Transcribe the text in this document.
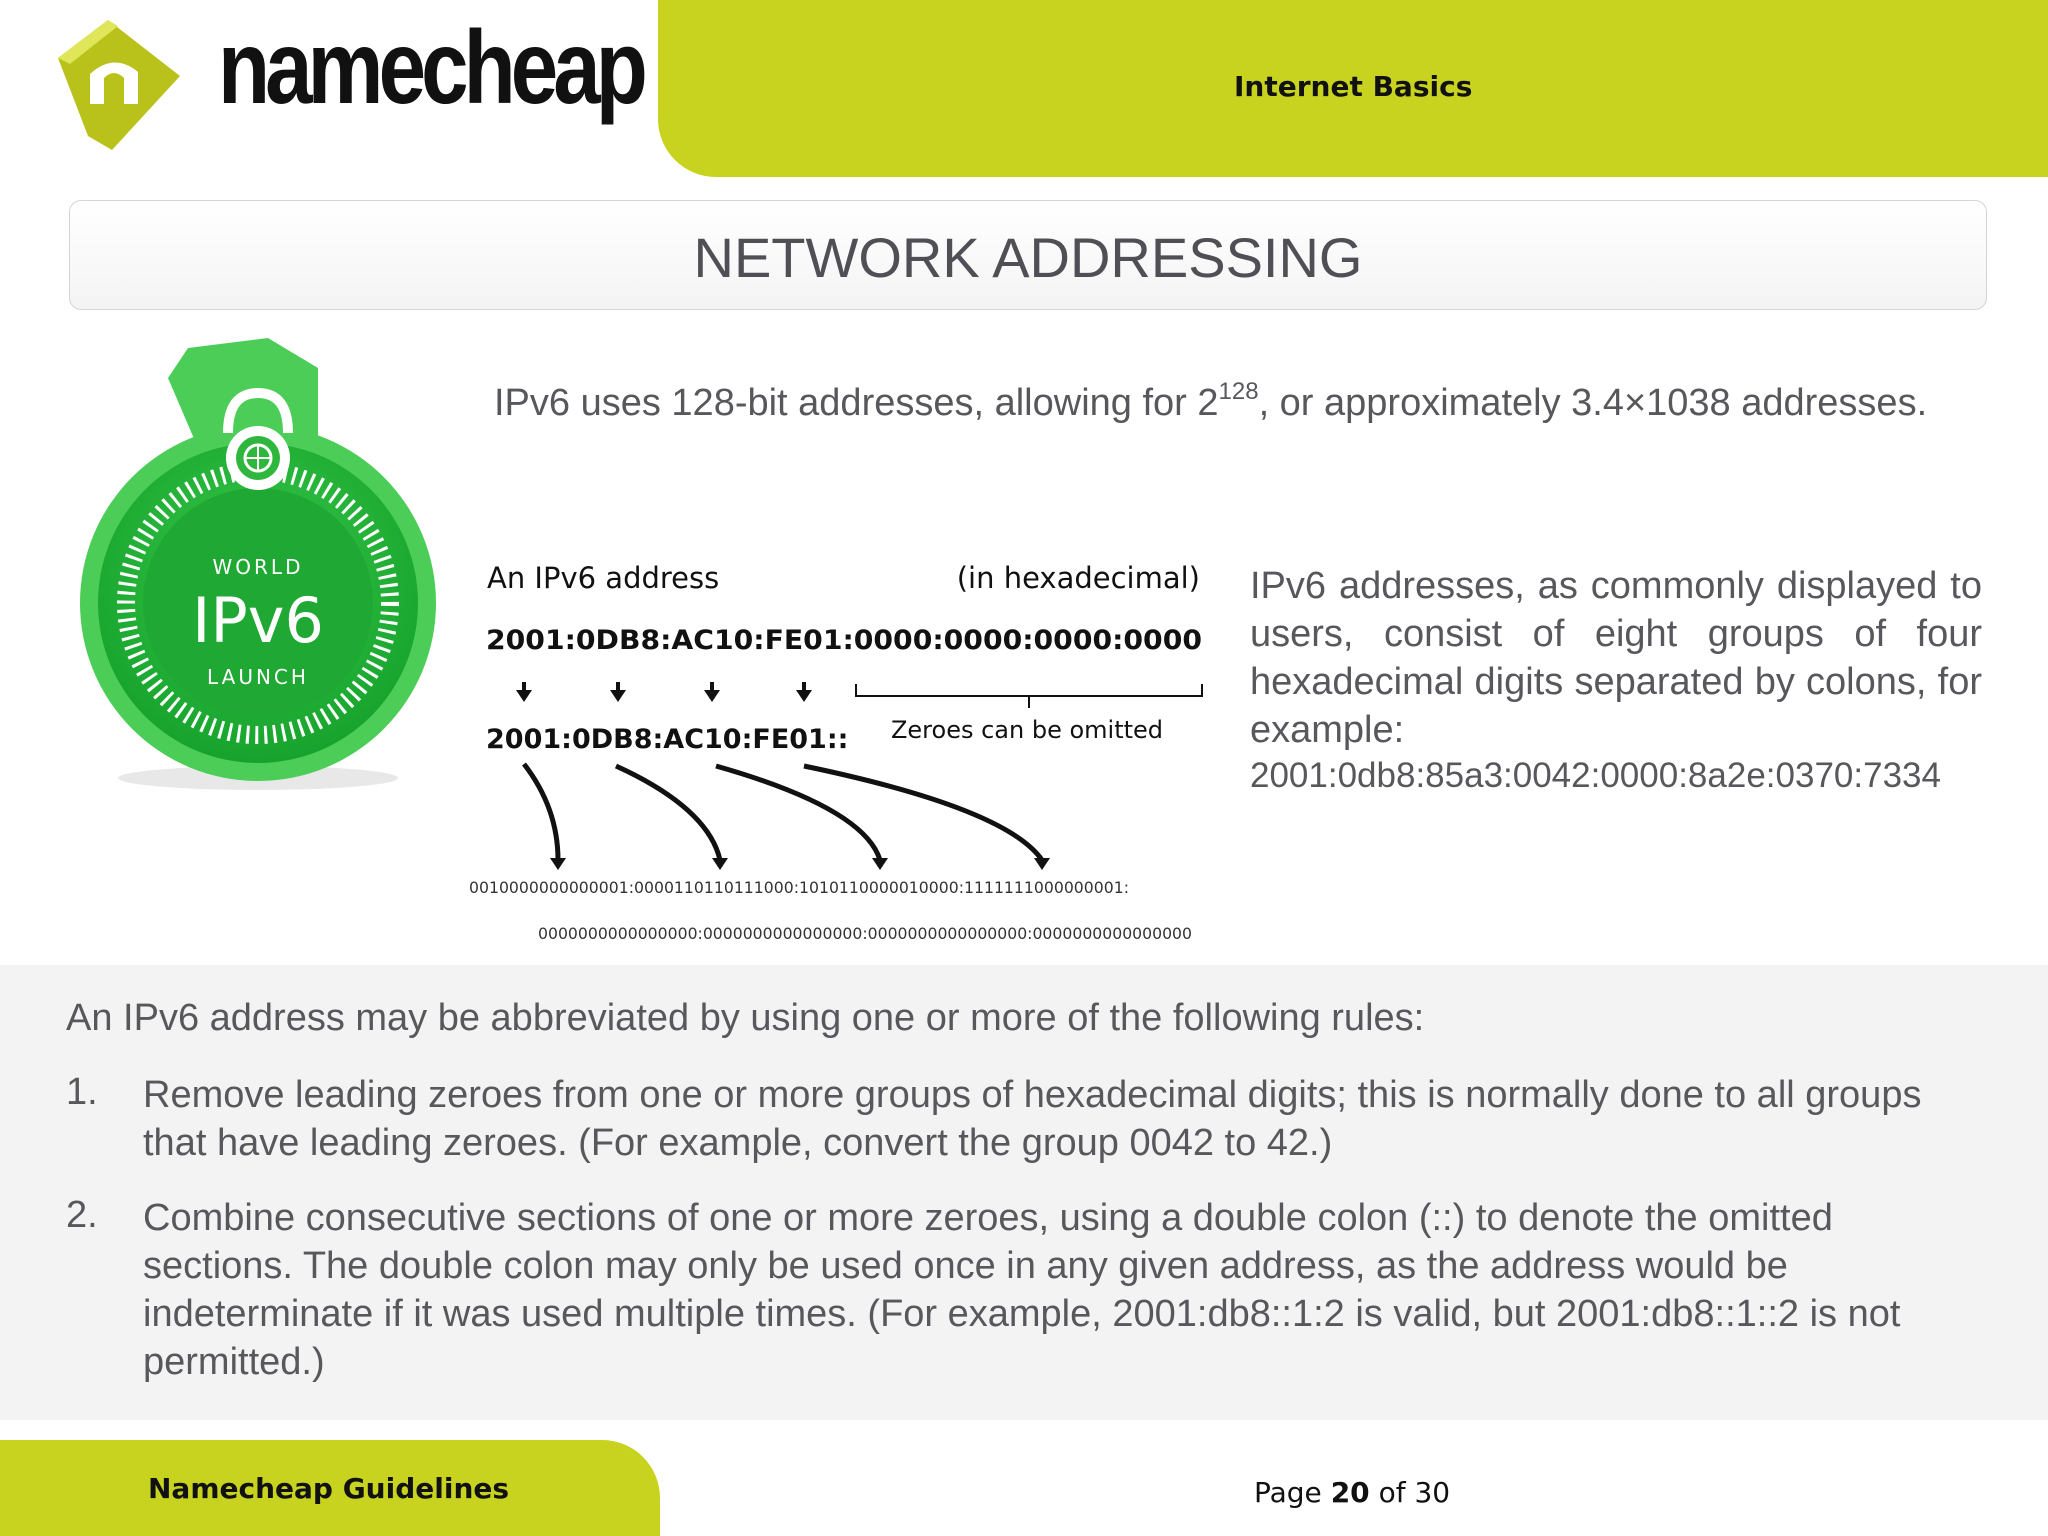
Internet Basics
namecheap
NETWORK ADDRESSING
WORLD
IPv6
LAUNCH
IPv6 uses 128-bit addresses, allowing for $2^{128}$, or approximately 3.4×1038 addresses.
An IPv6 address	(in hexadecimal)
2001:0DB8:AC10:FE01:0000:0000:0000:0000
2001:0DB8:AC10:FE01:: Zeroes can be omitted
0010000000000001:0000110110111000:1010110000010000:1111111000000001:
0000000000000000:0000000000000000:0000000000000000:0000000000000000
IPv6 addresses, as commonly displayed to users, consist of eight groups of four hexadecimal digits separated by colons, for example:
2001:0db8:85a3:0042:0000:8a2e:0370:7334
An IPv6 address may be abbreviated by using one or more of the following rules:
1. Remove leading zeroes from one or more groups of hexadecimal digits; this is normally done to all groups that have leading zeroes. (For example, convert the group 0042 to 42.)
2. Combine consecutive sections of one or more zeroes, using a double colon (::) to denote the omitted sections. The double colon may only be used once in any given address, as the address would be indeterminate if it was used multiple times. (For example, 2001:db8::1:2 is valid, but 2001:db8::1::2 is not permitted.)
Namecheap Guidelines	Page 20 of 30
